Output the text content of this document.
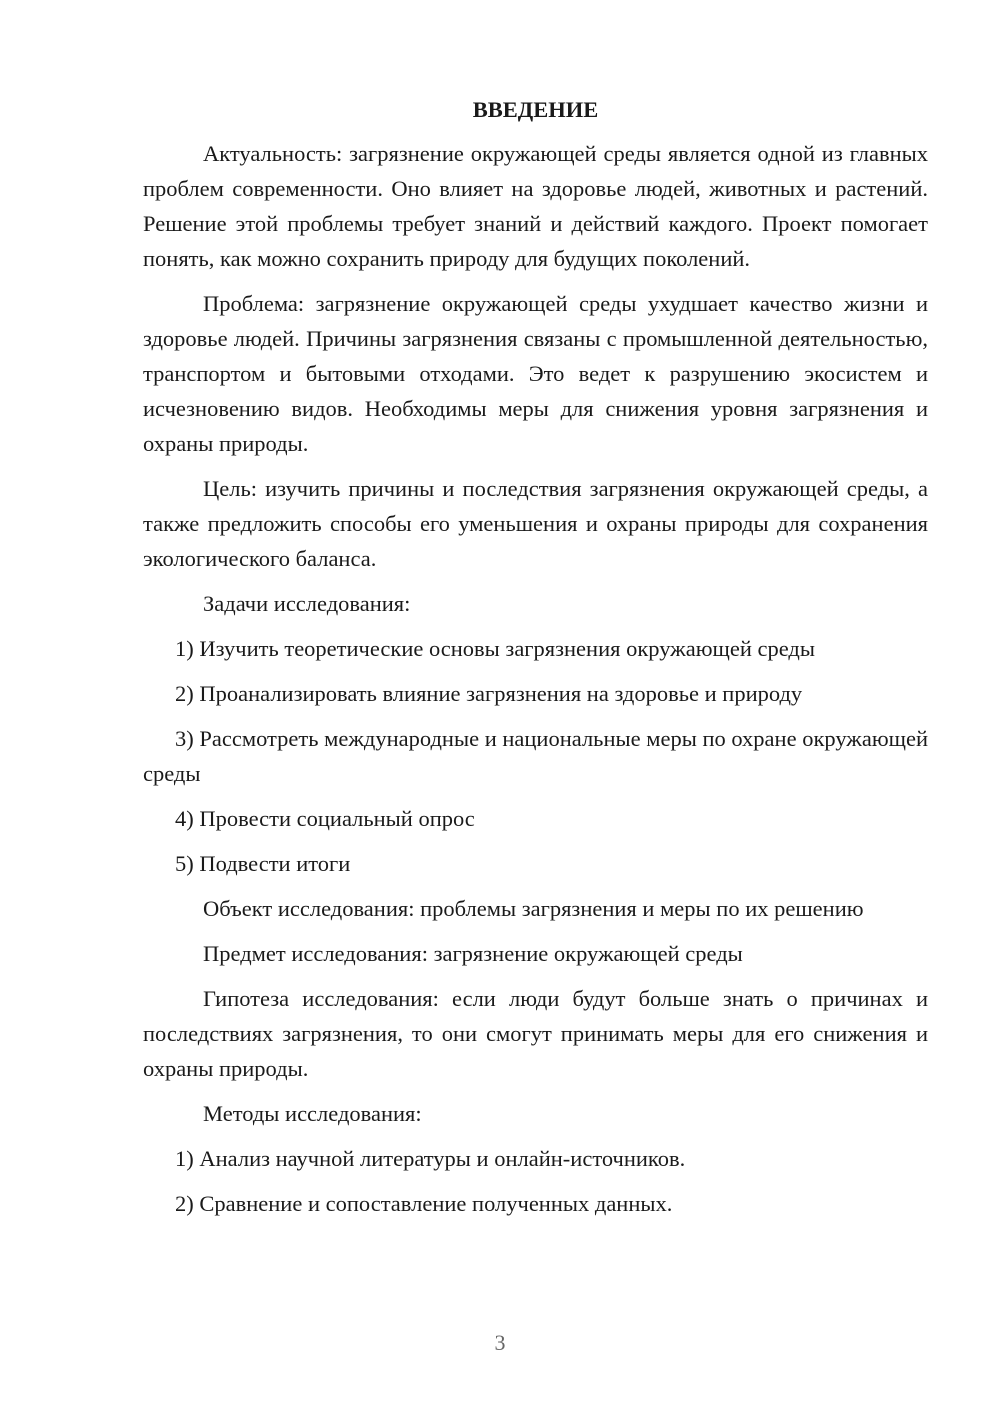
ВВЕДЕНИЕ

Актуальность: загрязнение окружающей среды является одной из главных проблем современности. Оно влияет на здоровье людей, животных и растений. Решение этой проблемы требует знаний и действий каждого. Проект помогает понять, как можно сохранить природу для будущих поколений.

Проблема: загрязнение окружающей среды ухудшает качество жизни и здоровье людей. Причины загрязнения связаны с промышленной деятельностью, транспортом и бытовыми отходами. Это ведет к разрушению экосистем и исчезновению видов. Необходимы меры для снижения уровня загрязнения и охраны природы.

Цель: изучить причины и последствия загрязнения окружающей среды, а также предложить способы его уменьшения и охраны природы для сохранения экологического баланса.

Задачи исследования:

1) Изучить теоретические основы загрязнения окружающей среды

2) Проанализировать влияние загрязнения на здоровье и природу

3) Рассмотреть международные и национальные меры по охране окружающей среды

4) Провести социальный опрос

5) Подвести итоги

Объект исследования: проблемы загрязнения и меры по их решению

Предмет исследования: загрязнение окружающей среды

Гипотеза исследования: если люди будут больше знать о причинах и последствиях загрязнения, то они смогут принимать меры для его снижения и охраны природы.

Методы исследования:

1) Анализ научной литературы и онлайн-источников.

2) Сравнение и сопоставление полученных данных.

3
